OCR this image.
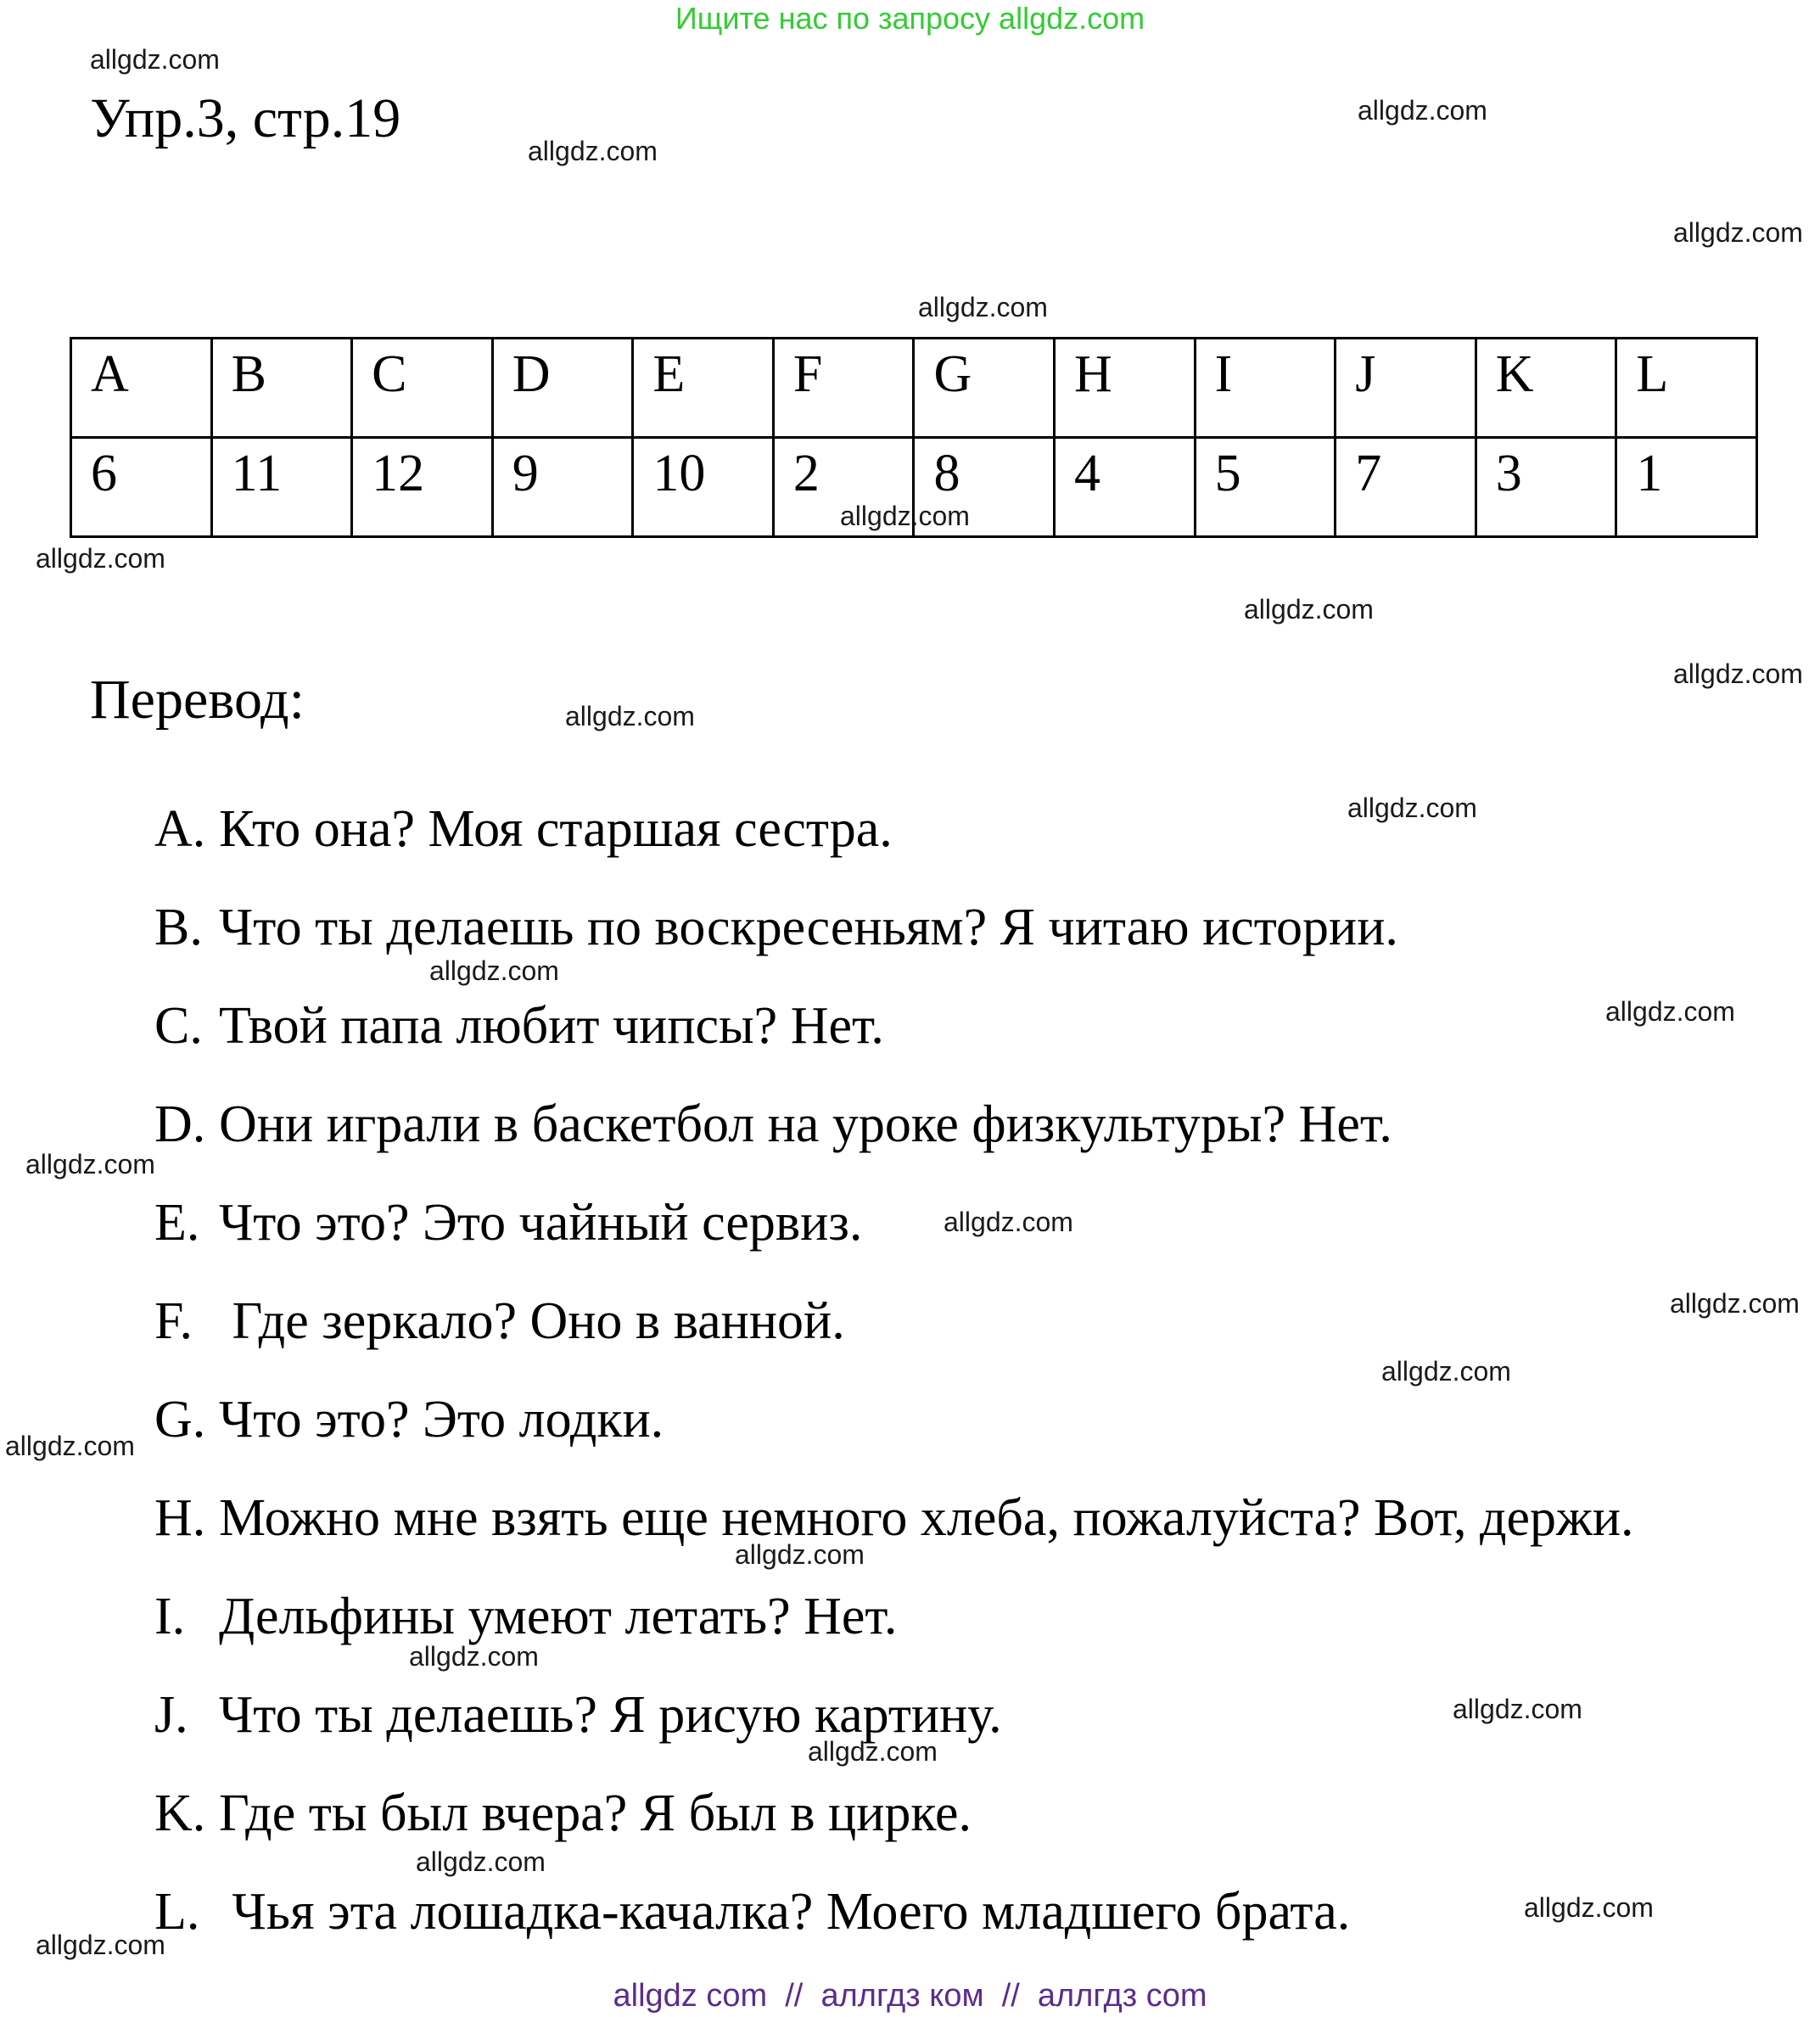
Ищите нас по запросу allgdz.com
Упр.3, стр.19
A	B	C	D	E	F	G	H	I	J	K	L
6	11	12	9	10	2	8	4	5	7	3	1
Перевод:
A. Кто она? Моя старшая сестра.
B. Что ты делаешь по воскресеньям? Я читаю истории.
C. Твой папа любит чипсы? Нет.
D. Они играли в баскетбол на уроке физкультуры? Нет.
E. Что это? Это чайный сервиз.
F. Где зеркало? Оно в ванной.
G. Что это? Это лодки.
H. Можно мне взять еще немного хлеба, пожалуйста? Вот, держи.
I. Дельфины умеют летать? Нет.
J. Что ты делаешь? Я рисую картину.
K. Где ты был вчера? Я был в цирке.
L. Чья эта лошадка-качалка? Моего младшего брата.
allgdz.com
allgdz.com
allgdz.com
allgdz.com
allgdz.com
allgdz.com
allgdz.com
allgdz.com
allgdz.com
allgdz.com
allgdz.com
allgdz.com
allgdz.com
allgdz.com
allgdz.com
allgdz.com
allgdz.com
allgdz.com
allgdz.com
allgdz.com
allgdz.com
allgdz.com
allgdz.com
allgdz.com
allgdz.com
allgdz com  //  аллгдз ком  //  аллгдз com
